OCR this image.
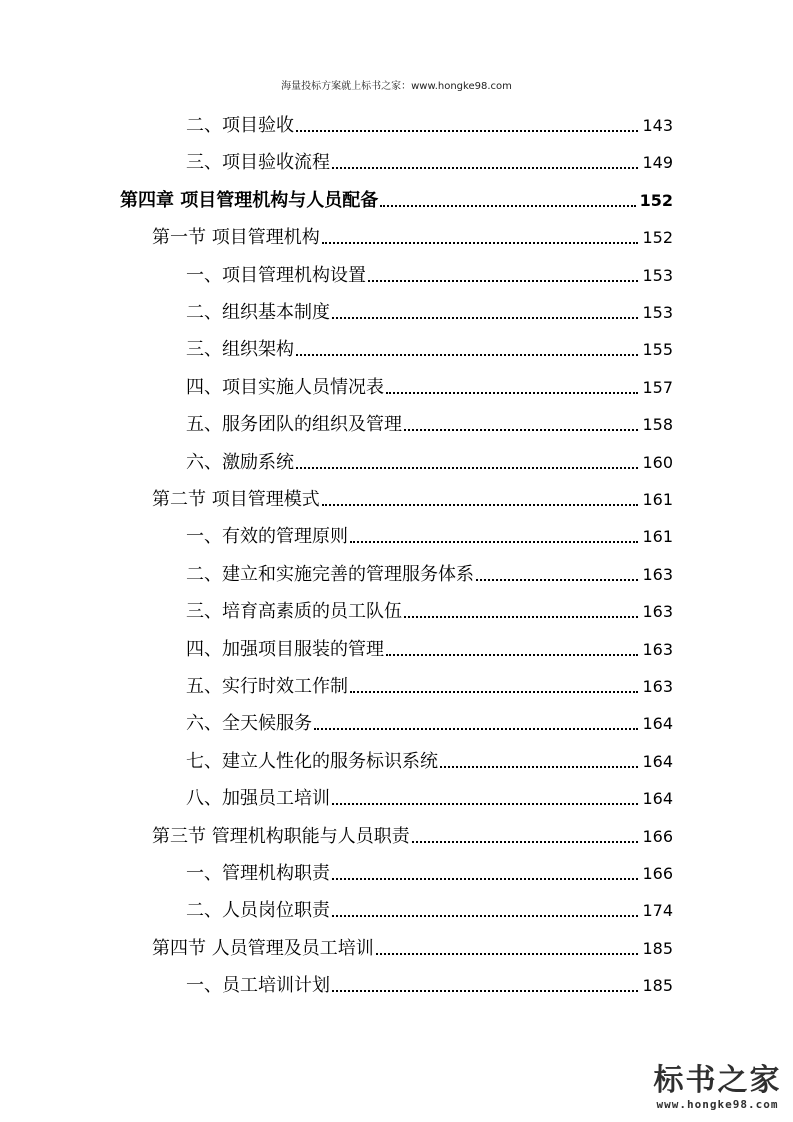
海量投标方案就上标书之家：www.hongke98.com
二、项目验收	143
三、项目验收流程	149
第四章 项目管理机构与人员配备	152
第一节 项目管理机构	152
一、项目管理机构设置	153
二、组织基本制度	153
三、组织架构	155
四、项目实施人员情况表	157
五、服务团队的组织及管理	158
六、激励系统	160
第二节 项目管理模式	161
一、有效的管理原则	161
二、建立和实施完善的管理服务体系	163
三、培育高素质的员工队伍	163
四、加强项目服装的管理	163
五、实行时效工作制	163
六、全天候服务	164
七、建立人性化的服务标识系统	164
八、加强员工培训	164
第三节 管理机构职能与人员职责	166
一、管理机构职责	166
二、人员岗位职责	174
第四节 人员管理及员工培训	185
一、员工培训计划	185
标书之家
www.hongke98.com
